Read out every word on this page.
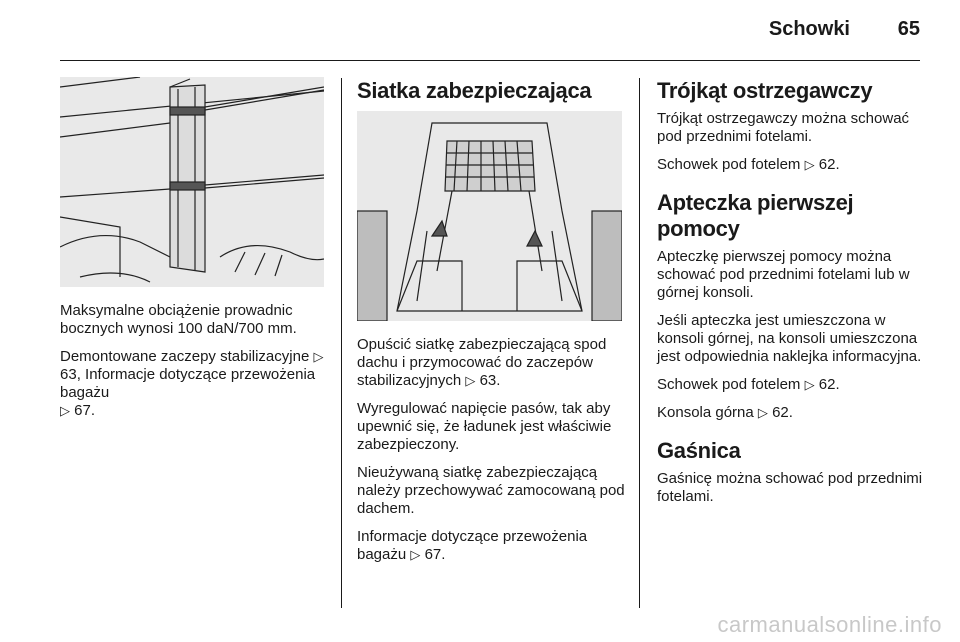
Schowki	65

Maksymalne obciążenie prowadnic bocznych wynosi 100 daN/700 mm.

Demontowane zaczepy stabilizacyjne ▷ 63, Informacje dotyczące przewożenia bagażu
▷ 67.

Siatka zabezpieczająca

Opuścić siatkę zabezpieczającą spod dachu i przymocować do zaczepów stabilizacyjnych ▷ 63.

Wyregulować napięcie pasów, tak aby upewnić się, że ładunek jest właściwie zabezpieczony.

Nieużywaną siatkę zabezpieczającą należy przechowywać zamocowaną pod dachem.

Informacje dotyczące przewożenia bagażu ▷ 67.

Trójkąt ostrzegawczy

Trójkąt ostrzegawczy można schować pod przednimi fotelami.

Schowek pod fotelem ▷ 62.

Apteczka pierwszej pomocy

Apteczkę pierwszej pomocy można schować pod przednimi fotelami lub w górnej konsoli.

Jeśli apteczka jest umieszczona w konsoli górnej, na konsoli umieszczona jest odpowiednia naklejka informacyjna.

Schowek pod fotelem ▷ 62.

Konsola górna ▷ 62.

Gaśnica

Gaśnicę można schować pod przednimi fotelami.

carmanualsonline.info
